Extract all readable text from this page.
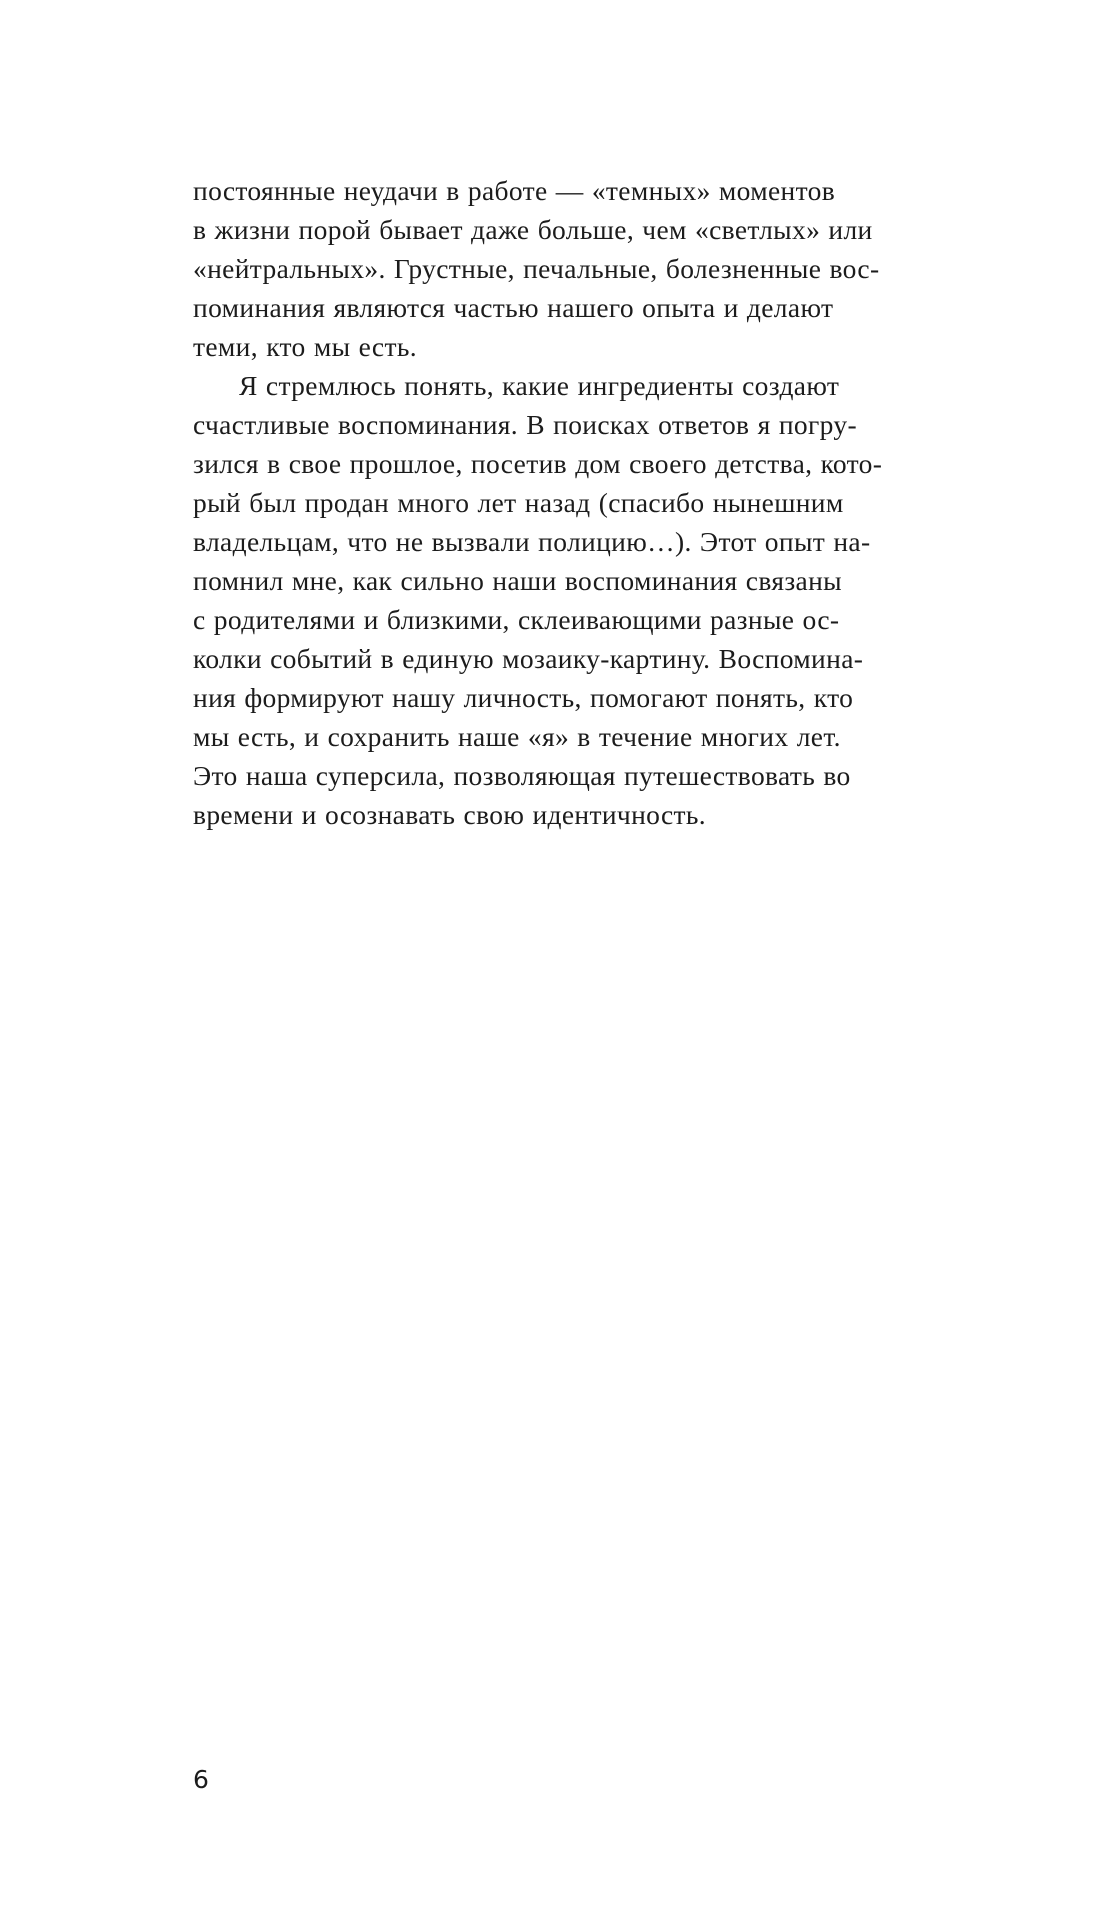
постоянные неудачи в работе — «темных» моментов
в жизни порой бывает даже больше, чем «светлых» или
«нейтральных». Грустные, печальные, болезненные вос-
поминания являются частью нашего опыта и делают
теми, кто мы есть.
Я стремлюсь понять, какие ингредиенты создают
счастливые воспоминания. В поисках ответов я погру-
зился в свое прошлое, посетив дом своего детства, кото-
рый был продан много лет назад (спасибо нынешним
владельцам, что не вызвали полицию…). Этот опыт на-
помнил мне, как сильно наши воспоминания связаны
с родителями и близкими, склеивающими разные ос-
колки событий в единую мозаику-картину. Воспомина-
ния формируют нашу личность, помогают понять, кто
мы есть, и сохранить наше «я» в течение многих лет.
Это наша суперсила, позволяющая путешествовать во
времени и осознавать свою идентичность.
6
